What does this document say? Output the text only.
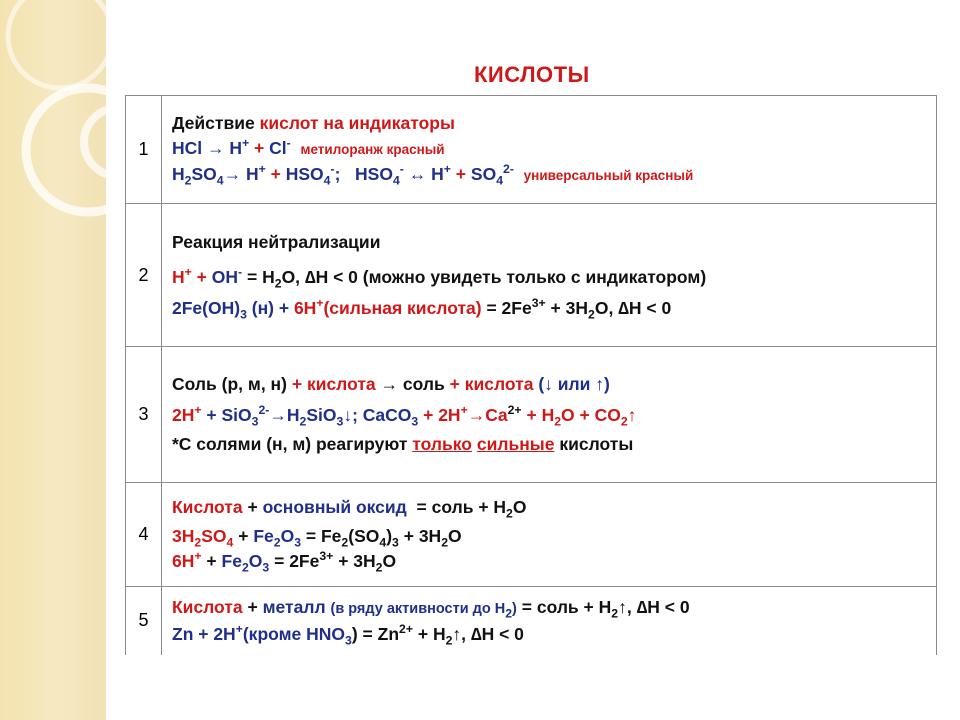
КИСЛОТЫ
1	Действие кислот на индикаторы
HCl → H+ + Cl- метилоранж красный
$H_2SO_4\to H^+ + HSO_4^-$; $HSO_4^-$ ↔ $H^+ + SO_4^{2-}$ универсальный красный

2	Реакция нейтрализации
$H^+ + OH^- = H_2O$, ∆H < 0 (можно увидеть только с индикатором)
$2Fe(OH)_3$ (н) + 6H+(сильная кислота) = $2Fe^{3+} + 3H_2O$, ∆H < 0

3	Соль (р, м, н) + кислота → соль + кислота (↓ или ↑)
$2H^+ + SiO_3^{2-}\to H_2SiO_3↓$; CaCO$_3$ + $2H^+\to Ca^{2+} + H_2O$ + $CO_2↑$
*С солями (н, м) реагируют только сильные кислоты

4	Кислота + основный оксид = соль + $H_2O$
$3H_2SO_4 + Fe_2O_3 = Fe_2(SO_4)_3 + 3H_2O$
$6H^+ + Fe_2O_3 = 2Fe^{3+} + 3H_2O$

5	Кислота + металл (в ряду активности до $H_2$) = соль + $H_2↑$, ∆H < 0
Zn + 2H+(кроме $HNO_3) = Zn^{2+}$ + $H_2↑$, ∆H < 0
